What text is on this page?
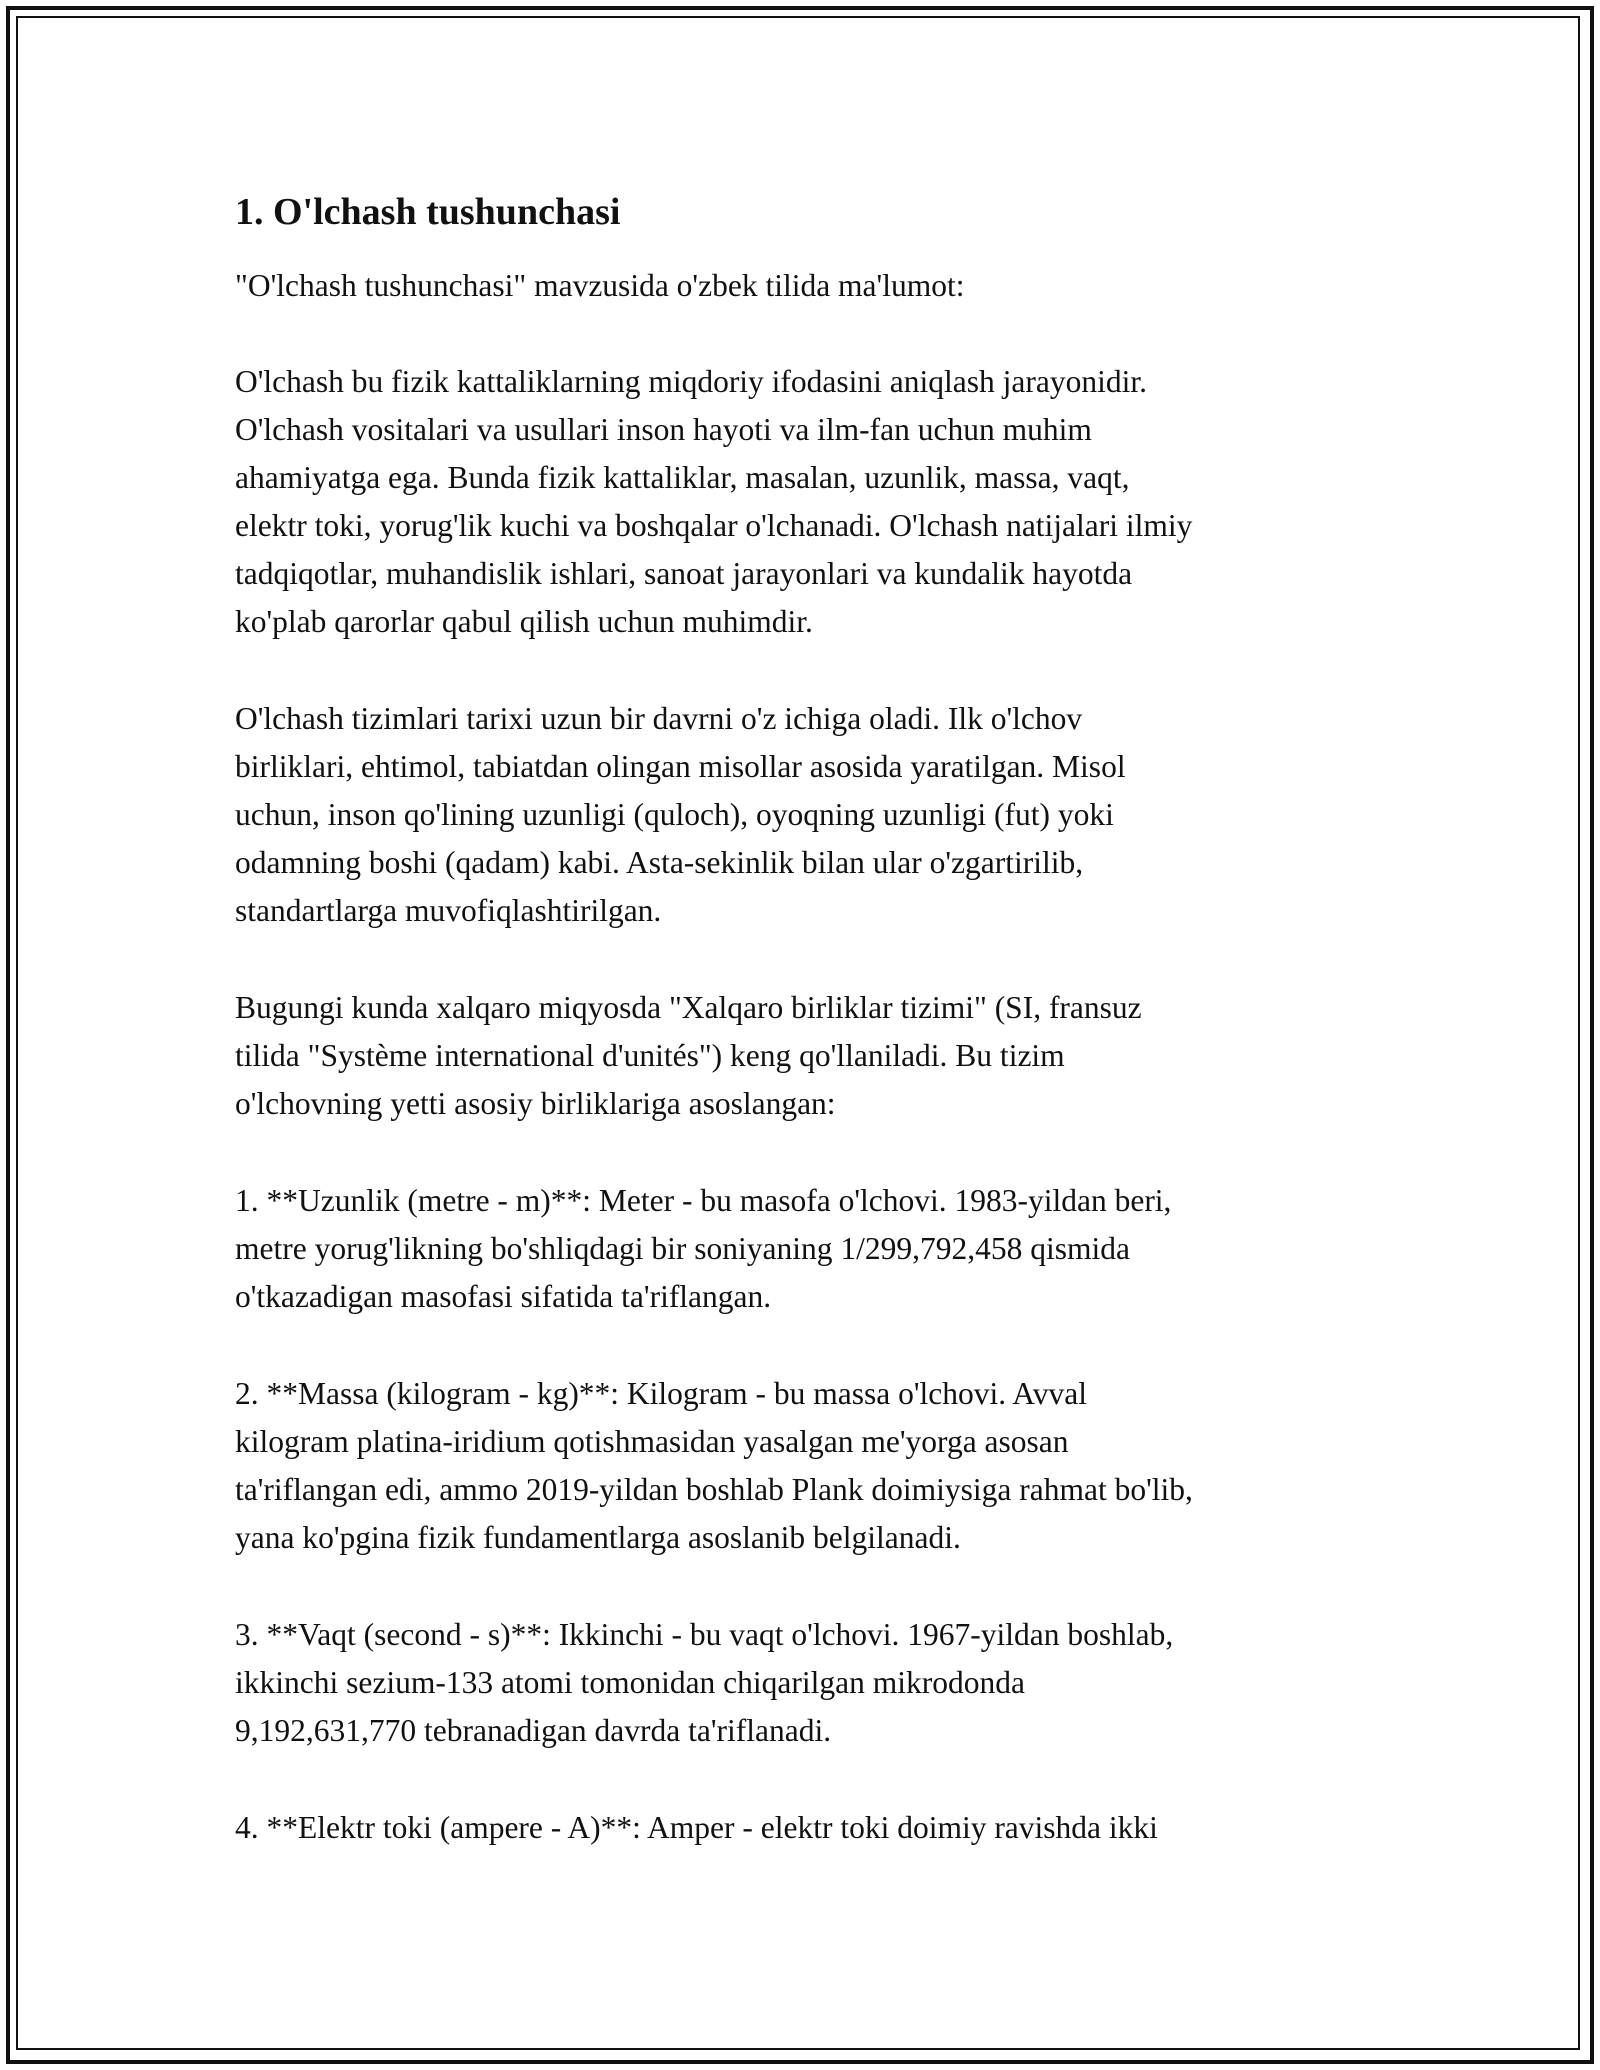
1. O'lchash tushunchasi

"O'lchash tushunchasi" mavzusida o'zbek tilida ma'lumot:

O'lchash bu fizik kattaliklarning miqdoriy ifodasini aniqlash jarayonidir.
O'lchash vositalari va usullari inson hayoti va ilm-fan uchun muhim
ahamiyatga ega. Bunda fizik kattaliklar, masalan, uzunlik, massa, vaqt,
elektr toki, yorug'lik kuchi va boshqalar o'lchanadi. O'lchash natijalari ilmiy
tadqiqotlar, muhandislik ishlari, sanoat jarayonlari va kundalik hayotda
ko'plab qarorlar qabul qilish uchun muhimdir.

O'lchash tizimlari tarixi uzun bir davrni o'z ichiga oladi. Ilk o'lchov
birliklari, ehtimol, tabiatdan olingan misollar asosida yaratilgan. Misol
uchun, inson qo'lining uzunligi (quloch), oyoqning uzunligi (fut) yoki
odamning boshi (qadam) kabi. Asta-sekinlik bilan ular o'zgartirilib,
standartlarga muvofiqlashtirilgan.

Bugungi kunda xalqaro miqyosda "Xalqaro birliklar tizimi" (SI, fransuz
tilida "Système international d'unités") keng qo'llaniladi. Bu tizim
o'lchovning yetti asosiy birliklariga asoslangan:

1. **Uzunlik (metre - m)**: Meter - bu masofa o'lchovi. 1983-yildan beri,
metre yorug'likning bo'shliqdagi bir soniyaning 1/299,792,458 qismida
o'tkazadigan masofasi sifatida ta'riflangan.

2. **Massa (kilogram - kg)**: Kilogram - bu massa o'lchovi. Avval
kilogram platina-iridium qotishmasidan yasalgan me'yorga asosan
ta'riflangan edi, ammo 2019-yildan boshlab Plank doimiysiga rahmat bo'lib,
yana ko'pgina fizik fundamentlarga asoslanib belgilanadi.

3. **Vaqt (second - s)**: Ikkinchi - bu vaqt o'lchovi. 1967-yildan boshlab,
ikkinchi sezium-133 atomi tomonidan chiqarilgan mikrodonda
9,192,631,770 tebranadigan davrda ta'riflanadi.

4. **Elektr toki (ampere - A)**: Amper - elektr toki doimiy ravishda ikki
